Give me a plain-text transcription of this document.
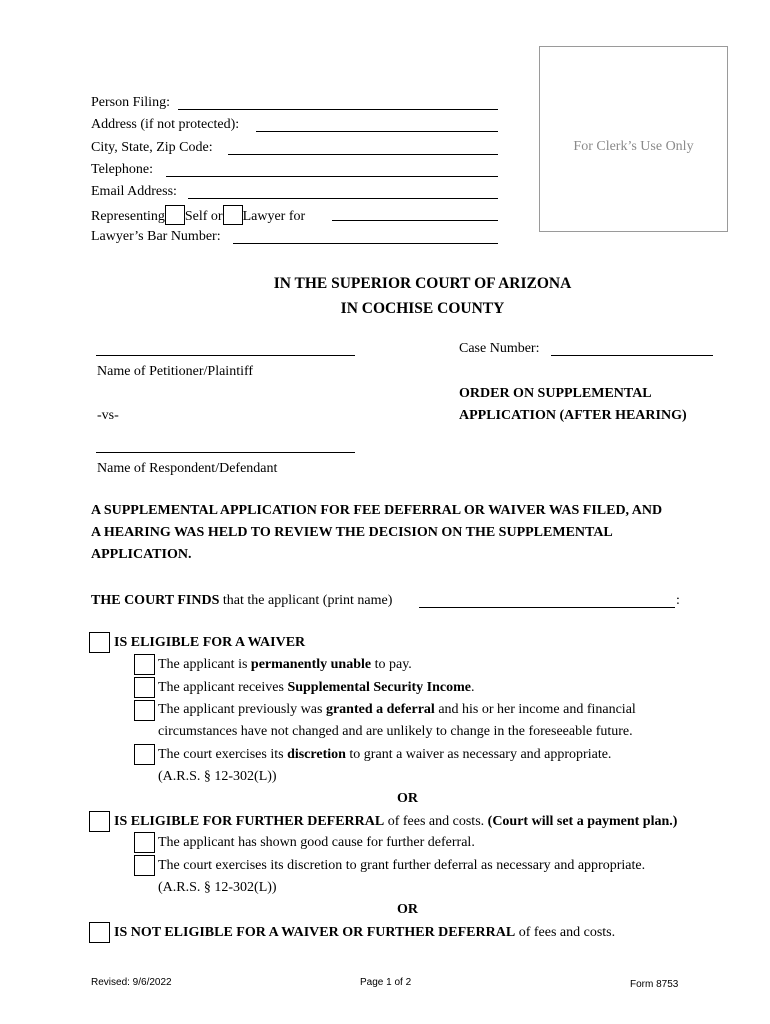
Person Filing:
Address (if not protected):
City, State, Zip Code:
Telephone:
Email Address:
Representing Self or Lawyer for
Lawyer’s Bar Number:
For Clerk’s Use Only
IN THE SUPERIOR COURT OF ARIZONA
IN COCHISE COUNTY
Name of Petitioner/Plaintiff
Case Number:
ORDER ON SUPPLEMENTAL
APPLICATION (AFTER HEARING)
-vs-
Name of Respondent/Defendant
A SUPPLEMENTAL APPLICATION FOR FEE DEFERRAL OR WAIVER WAS FILED, AND
A HEARING WAS HELD TO REVIEW THE DECISION ON THE SUPPLEMENTAL
APPLICATION.
THE COURT FINDS that the applicant (print name)	:
IS ELIGIBLE FOR A WAIVER
The applicant is permanently unable to pay.
The applicant receives Supplemental Security Income.
The applicant previously was granted a deferral and his or her income and financial
circumstances have not changed and are unlikely to change in the foreseeable future.
The court exercises its discretion to grant a waiver as necessary and appropriate.
(A.R.S. § 12-302(L))
OR
IS ELIGIBLE FOR FURTHER DEFERRAL of fees and costs. (Court will set a payment plan.)
The applicant has shown good cause for further deferral.
The court exercises its discretion to grant further deferral as necessary and appropriate.
(A.R.S. § 12-302(L))
OR
IS NOT ELIGIBLE FOR A WAIVER OR FURTHER DEFERRAL of fees and costs.
Revised: 9/6/2022	Page 1 of 2	Form 8753
